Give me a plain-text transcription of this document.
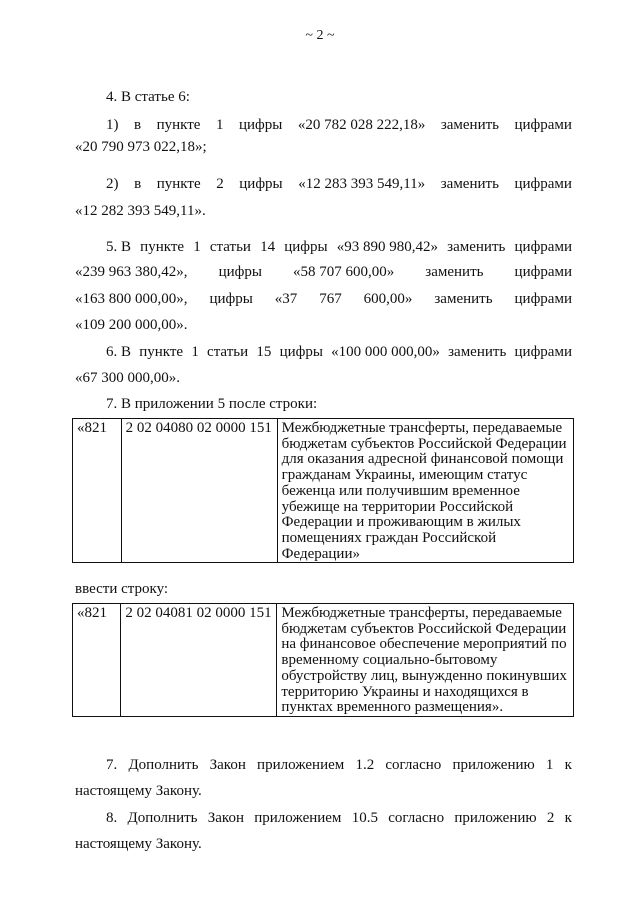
~ 2 ~
4. В статье 6:
1) в пункте 1 цифры «20 782 028 222,18» заменить цифрами
«20 790 973 022,18»;
2) в пункте 2 цифры «12 283 393 549,11» заменить цифрами
«12 282 393 549,11».
5. В пункте 1 статьи 14 цифры «93 890 980,42» заменить цифрами
«239 963 380,42», цифры «58 707 600,00» заменить цифрами
«163 800 000,00», цифры «37 767 600,00» заменить цифрами
«109 200 000,00».
6. В пункте 1 статьи 15 цифры «100 000 000,00» заменить цифрами
«67 300 000,00».
7. В приложении 5 после строки:
«821	2 02 04080 02 0000 151	Межбюджетные трансферты, передаваемые
бюджетам субъектов Российской Федерации
для оказания адресной финансовой помощи
гражданам Украины, имеющим статус
беженца или получившим временное
убежище на территории Российской
Федерации и проживающим в жилых
помещениях граждан Российской
Федерации»
ввести строку:
«821	2 02 04081 02 0000 151	Межбюджетные трансферты, передаваемые
бюджетам субъектов Российской Федерации
на финансовое обеспечение мероприятий по
временному социально-бытовому
обустройству лиц, вынужденно покинувших
территорию Украины и находящихся в
пунктах временного размещения».
7. Дополнить Закон приложением 1.2 согласно приложению 1 к
настоящему Закону.
8. Дополнить Закон приложением 10.5 согласно приложению 2 к
настоящему Закону.
